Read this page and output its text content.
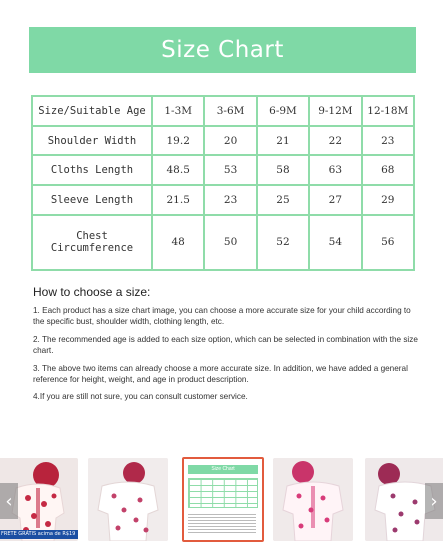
Size Chart
Size/Suitable Age	1-3M	3-6M	6-9M	9-12M	12-18M
Shoulder Width	19.2	20	21	22	23
Cloths Length	48.5	53	58	63	68
Sleeve Length	21.5	23	25	27	29
Chest Circumference	48	50	52	54	56
How to choose a size:
1. Each product has a size chart image, you can choose a more accurate size for your child according to the specific bust, shoulder width, clothing length, etc.
2. The recommended age is added to each size option, which can be selected in combination with the size chart.
3. The above two items can already choose a more accurate size. In addition, we have added a general reference for height, weight, and age in product description.
4.If you are still not sure, you can consult customer service.
FRETE GRÁTIS acima de R$19
Size Chart
‹	›
